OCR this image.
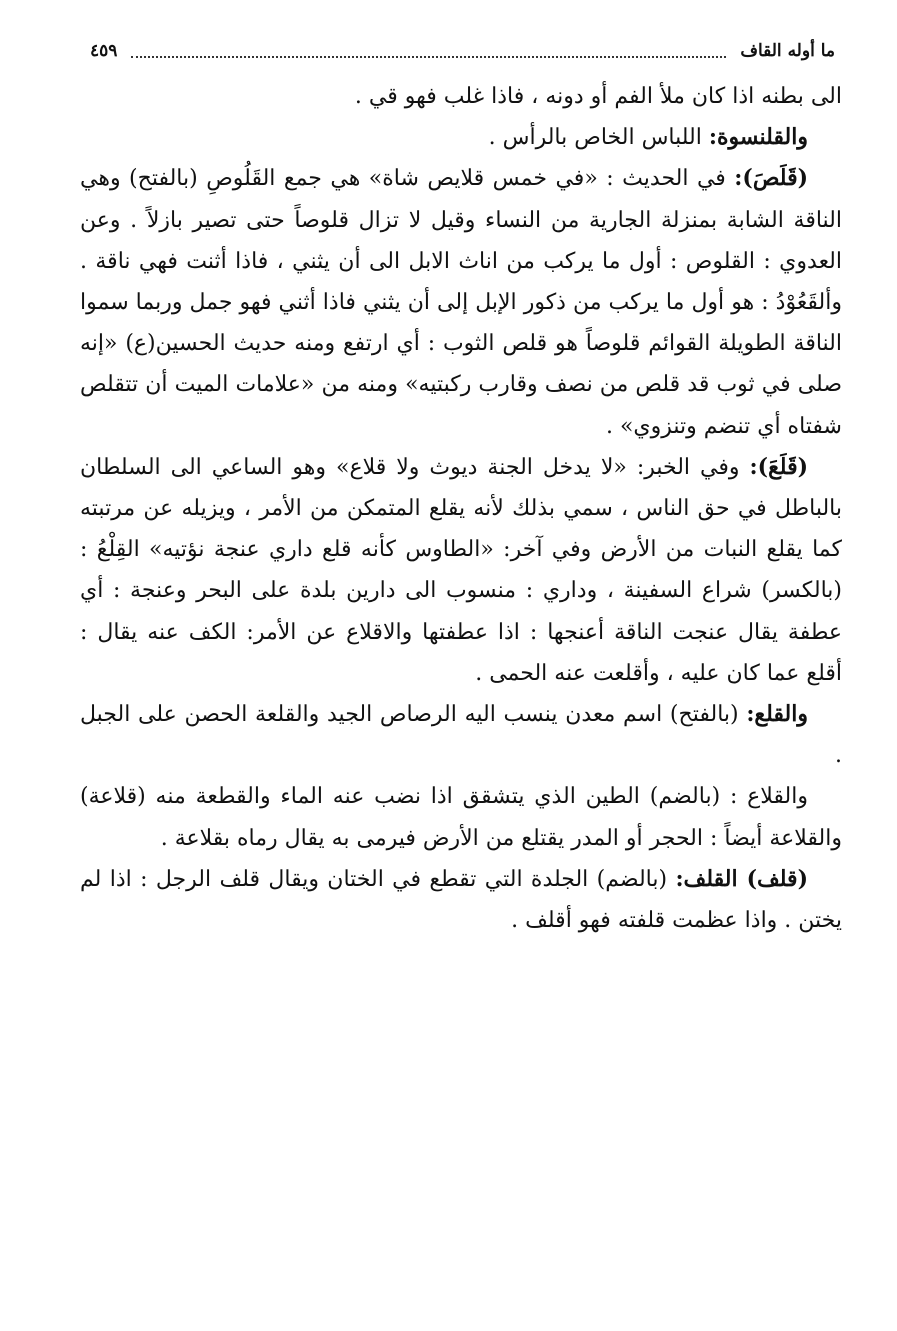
ما أوله القاف
٤٥٩

الى بطنه اذا كان ملأ الفم أو دونه ، فاذا غلب فهو قي .

والقلنسوة: اللباس الخاص بالرأس .

(قَلَصَ): في الحديث : «في خمس قلايص شاة» هي جمع القَلُوصِ (بالفتح) وهي الناقة الشابة بمنزلة الجارية من النساء وقيل لا تزال قلوصاً حتى تصير بازلاً . وعن العدوي : القلوص : أول ما يركب من اناث الابل الى أن يثني ، فاذا أثنت فهي ناقة . وألقَعُوْدُ : هو أول ما يركب من ذكور الإبل إلى أن يثني فاذا أثني فهو جمل وربما سموا الناقة الطويلة القوائم قلوصاً هو قلص الثوب : أي ارتفع ومنه حديث الحسين(ع) «إنه صلى في ثوب قد قلص من نصف وقارب ركبتيه» ومنه من «علامات الميت أن تتقلص شفتاه أي تنضم وتنزوي» .

(قَلَعَ): وفي الخبر: «لا يدخل الجنة ديوث ولا قلاع» وهو الساعي الى السلطان بالباطل في حق الناس ، سمي بذلك لأنه يقلع المتمكن من الأمر ، ويزيله عن مرتبته كما يقلع النبات من الأرض وفي آخر: «الطاوس كأنه قلع داري عنجة نؤتيه» القِلْعُ : (بالكسر) شراع السفينة ، وداري : منسوب الى دارين بلدة على البحر وعنجة : أي عطفة يقال عنجت الناقة أعنجها : اذا عطفتها والاقلاع عن الأمر: الكف عنه يقال : أقلع عما كان عليه ، وأقلعت عنه الحمى .

والقلع: (بالفتح) اسم معدن ينسب اليه الرصاص الجيد والقلعة الحصن على الجبل .

والقلاع : (بالضم) الطين الذي يتشقق اذا نضب عنه الماء والقطعة منه (قلاعة) والقلاعة أيضاً : الحجر أو المدر يقتلع من الأرض فيرمى به يقال رماه بقلاعة .

(قلف) القلف: (بالضم) الجلدة التي تقطع في الختان ويقال قلف الرجل : اذا لم يختن . واذا عظمت قلفته فهو أقلف .
